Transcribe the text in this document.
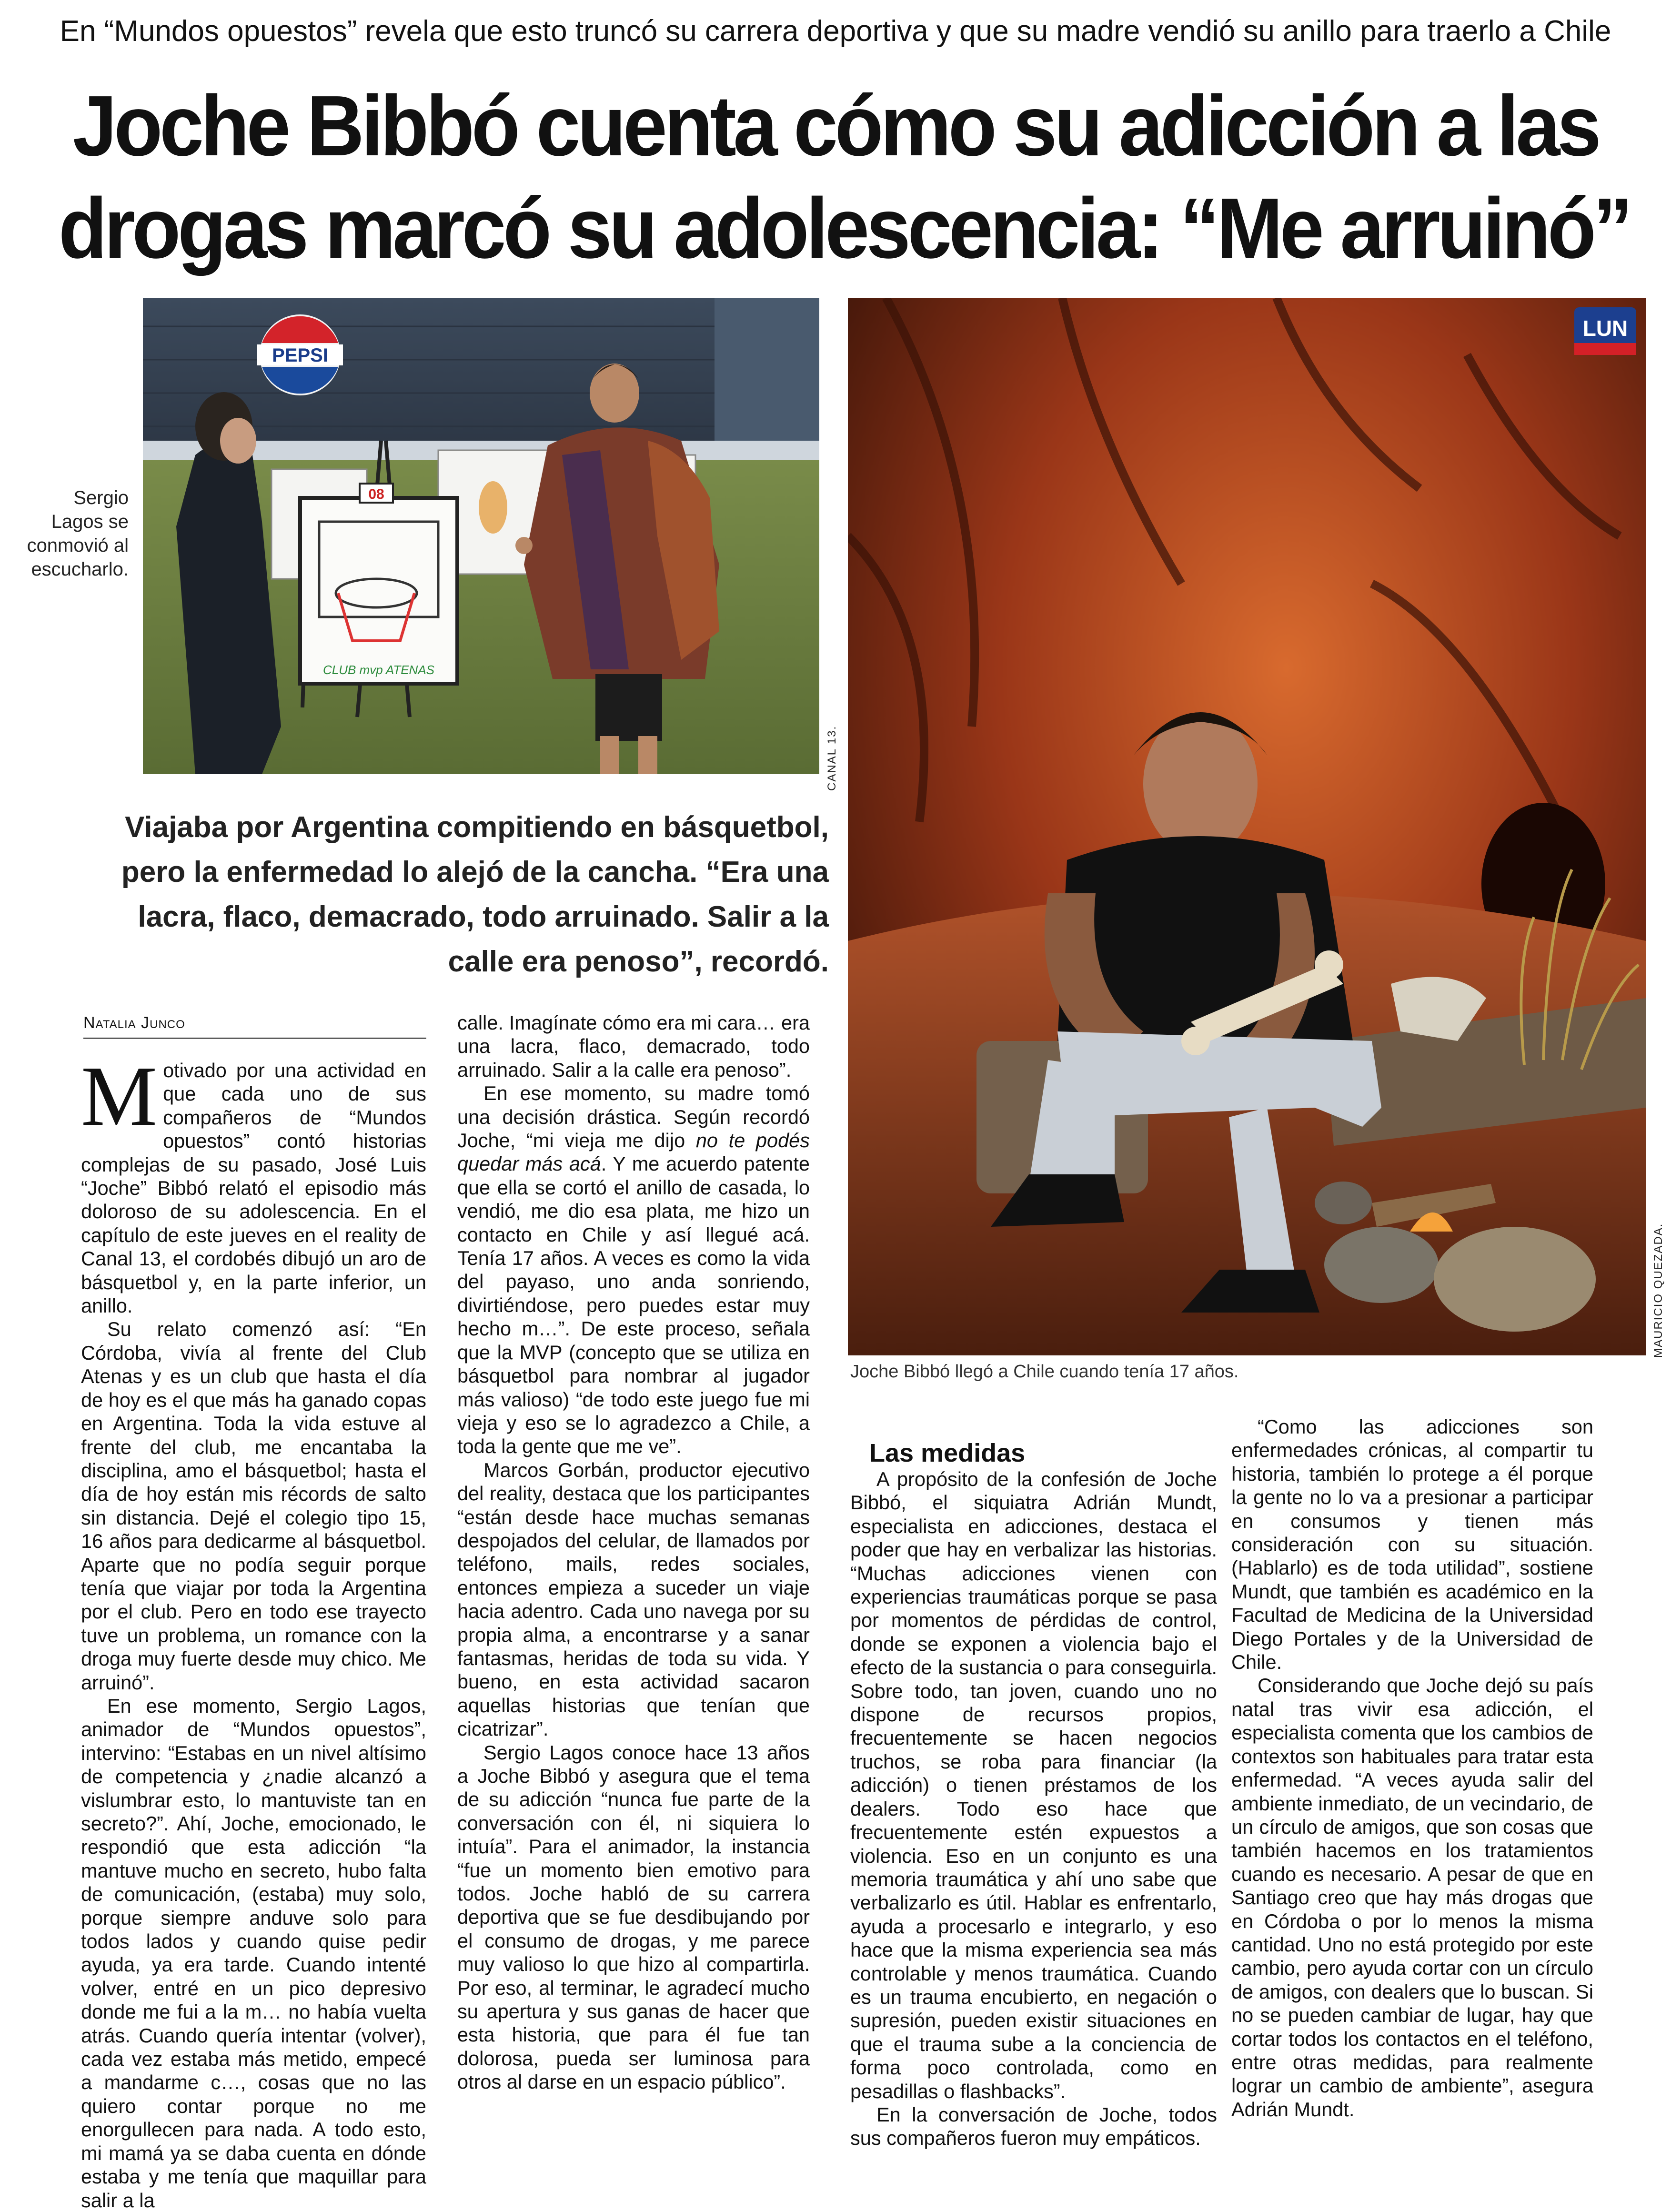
En “Mundos opuestos” revela que esto truncó su carrera deportiva y que su madre vendió su anillo para traerlo a Chile
Joche Bibbó cuenta cómo su adicción a las
drogas marcó su adolescencia: “Me arruinó”
Sergio Lagos se conmovió al escucharlo.
PEPSI
08
CLUB mvp ATENAS
CANAL 13.
LUN
MAURICIO QUEZADA.
Joche Bibbó llegó a Chile cuando tenía 17 años.
Viajaba por Argentina compitiendo en básquetbol, pero la enfermedad lo alejó de la cancha. “Era una lacra, flaco, demacrado, todo arruinado. Salir a la calle era penoso”, recordó.
Natalia Junco

Motivado por una actividad en que cada uno de sus compañeros de “Mundos opuestos” contó historias complejas de su pasado, José Luis “Joche” Bibbó relató el episodio más doloroso de su adolescencia. En el capítulo de este jueves en el reality de Canal 13, el cordobés dibujó un aro de básquetbol y, en la parte inferior, un anillo.

Su relato comenzó así: “En Córdoba, vivía al frente del Club Atenas y es un club que hasta el día de hoy es el que más ha ganado copas en Argentina. Toda la vida estuve al frente del club, me encantaba la disciplina, amo el básquetbol; hasta el día de hoy están mis récords de salto sin distancia. Dejé el colegio tipo 15, 16 años para dedicarme al básquetbol. Aparte que no podía seguir porque tenía que viajar por toda la Argentina por el club. Pero en todo ese trayecto tuve un problema, un romance con la droga muy fuerte desde muy chico. Me arruinó”.

En ese momento, Sergio Lagos, animador de “Mundos opuestos”, intervino: “Estabas en un nivel altísimo de competencia y ¿nadie alcanzó a vislumbrar esto, lo mantuviste tan en secreto?”. Ahí, Joche, emocionado, le respondió que esta adicción “la mantuve mucho en secreto, hubo falta de comunicación, (estaba) muy solo, porque siempre anduve solo para todos lados y cuando quise pedir ayuda, ya era tarde. Cuando intenté volver, entré en un pico depresivo donde me fui a la m… no había vuelta atrás. Cuando quería intentar (volver), cada vez estaba más metido, empecé a mandarme c…, cosas que no las quiero contar porque no me enorgullecen para nada. A todo esto, mi mamá ya se daba cuenta en dónde estaba y me tenía que maquillar para salir a la

calle. Imagínate cómo era mi cara… era una lacra, flaco, demacrado, todo arruinado. Salir a la calle era penoso”.

En ese momento, su madre tomó una decisión drástica. Según recordó Joche, “mi vieja me dijo no te podés quedar más acá. Y me acuerdo patente que ella se cortó el anillo de casada, lo vendió, me dio esa plata, me hizo un contacto en Chile y así llegué acá. Tenía 17 años. A veces es como la vida del payaso, uno anda sonriendo, divirtiéndose, pero puedes estar muy hecho m…”. De este proceso, señala que la MVP (concepto que se utiliza en básquetbol para nombrar al jugador más valioso) “de todo este juego fue mi vieja y eso se lo agradezco a Chile, a toda la gente que me ve”.

Marcos Gorbán, productor ejecutivo del reality, destaca que los participantes “están desde hace muchas semanas despojados del celular, de llamados por teléfono, mails, redes sociales, entonces empieza a suceder un viaje hacia adentro. Cada uno navega por su propia alma, a encontrarse y a sanar fantasmas, heridas de toda su vida. Y bueno, en esta actividad sacaron aquellas historias que tenían que cicatrizar”.

Sergio Lagos conoce hace 13 años a Joche Bibbó y asegura que el tema de su adicción “nunca fue parte de la conversación con él, ni siquiera lo intuía”. Para el animador, la instancia “fue un momento bien emotivo para todos. Joche habló de su carrera deportiva que se fue desdibujando por el consumo de drogas, y me parece muy valioso lo que hizo al compartirla. Por eso, al terminar, le agradecí mucho su apertura y sus ganas de hacer que esta historia, que para él fue tan dolorosa, pueda ser luminosa para otros al darse en un espacio público”.

Las medidas

A propósito de la confesión de Joche Bibbó, el siquiatra Adrián Mundt, especialista en adicciones, destaca el poder que hay en verbalizar las historias. “Muchas adicciones vienen con experiencias traumáticas porque se pasa por momentos de pérdidas de control, donde se exponen a violencia bajo el efecto de la sustancia o para conseguirla. Sobre todo, tan joven, cuando uno no dispone de recursos propios, frecuentemente se hacen negocios truchos, se roba para financiar (la adicción) o tienen préstamos de los dealers. Todo eso hace que frecuentemente estén expuestos a violencia. Eso en un conjunto es una memoria traumática y ahí uno sabe que verbalizarlo es útil. Hablar es enfrentarlo, ayuda a procesarlo e integrarlo, y eso hace que la misma experiencia sea más controlable y menos traumática. Cuando es un trauma encubierto, en negación o supresión, pueden existir situaciones en que el trauma sube a la conciencia de forma poco controlada, como en pesadillas o flashbacks”.

En la conversación de Joche, todos sus compañeros fueron muy empáticos.

“Como las adicciones son enfermedades crónicas, al compartir tu historia, también lo protege a él porque la gente no lo va a presionar a participar en consumos y tienen más consideración con su situación. (Hablarlo) es de toda utilidad”, sostiene Mundt, que también es académico en la Facultad de Medicina de la Universidad Diego Portales y de la Universidad de Chile.

Considerando que Joche dejó su país natal tras vivir esa adicción, el especialista comenta que los cambios de contextos son habituales para tratar esta enfermedad. “A veces ayuda salir del ambiente inmediato, de un vecindario, de un círculo de amigos, que son cosas que también hacemos en los tratamientos cuando es necesario. A pesar de que en Santiago creo que hay más drogas que en Córdoba o por lo menos la misma cantidad. Uno no está protegido por este cambio, pero ayuda cortar con un círculo de amigos, con dealers que lo buscan. Si no se pueden cambiar de lugar, hay que cortar todos los contactos en el teléfono, entre otras medidas, para realmente lograr un cambio de ambiente”, asegura Adrián Mundt.
